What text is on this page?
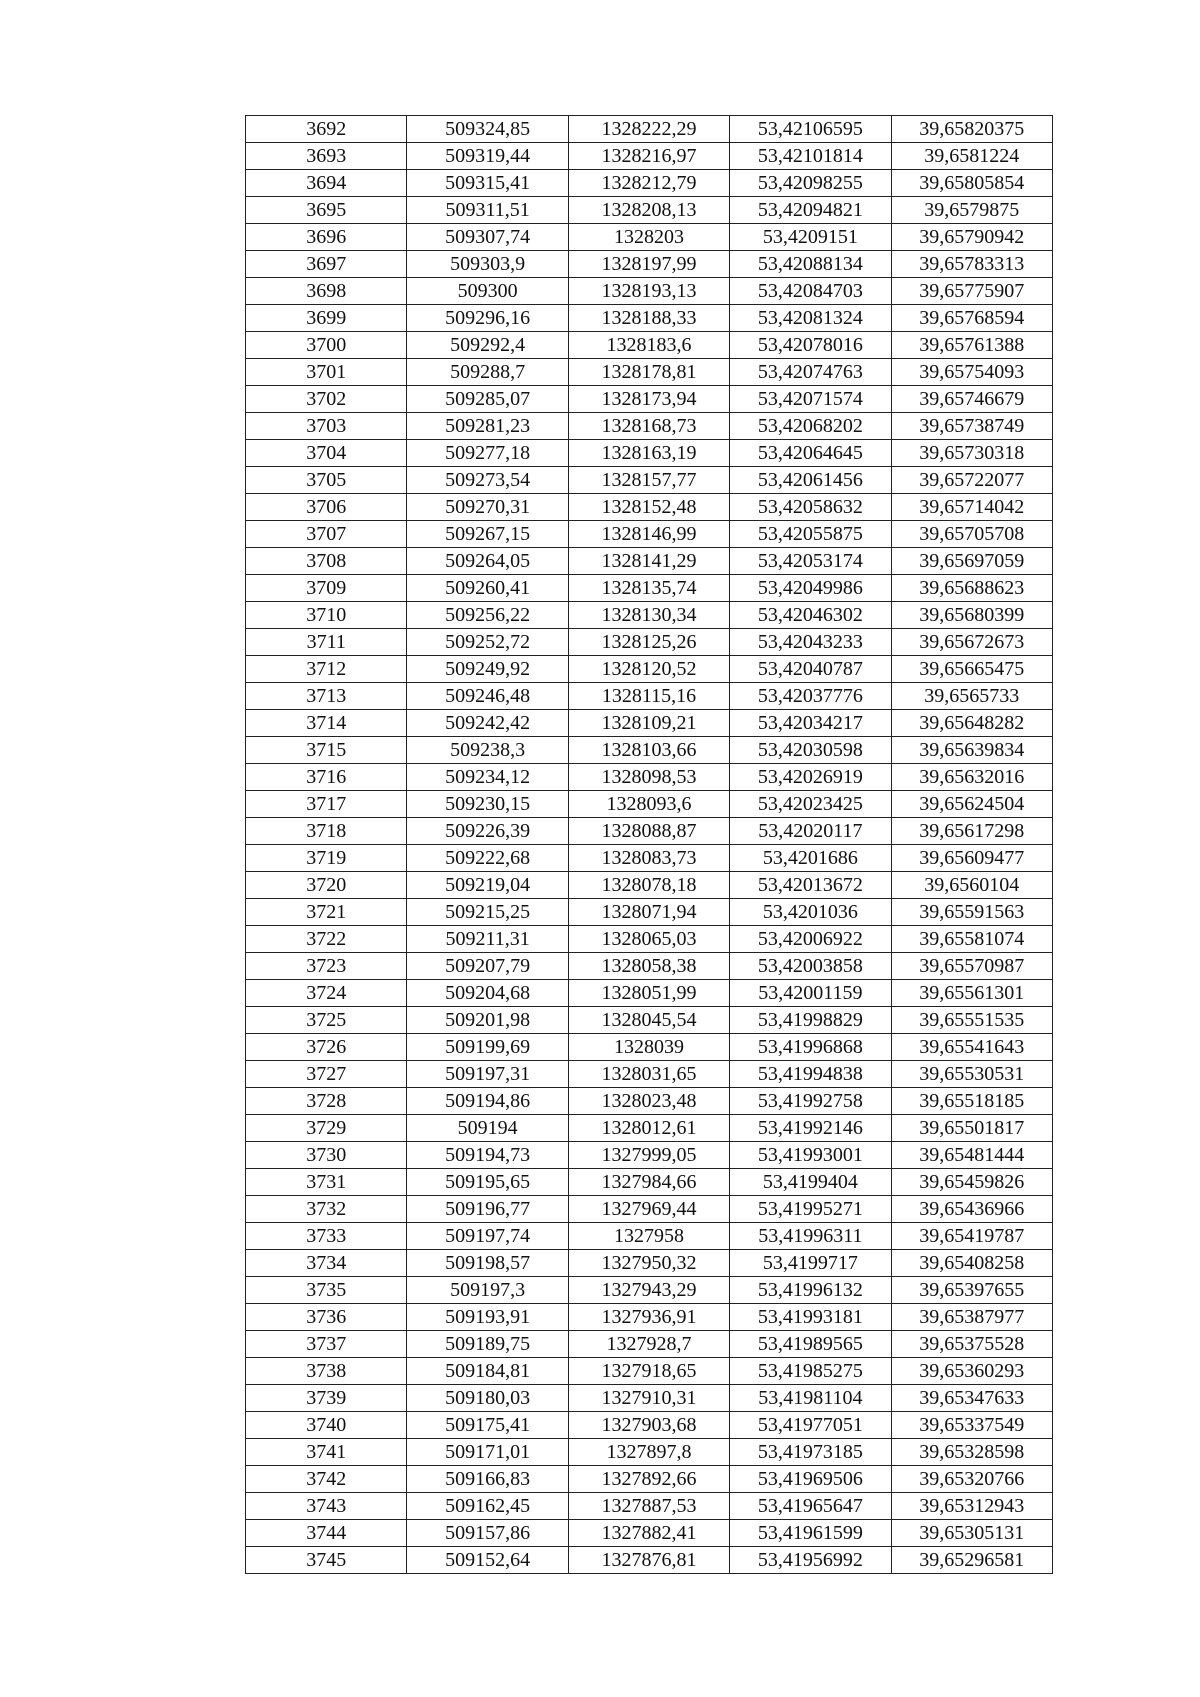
3692	509324,85	1328222,29	53,42106595	39,65820375
3693	509319,44	1328216,97	53,42101814	39,6581224
3694	509315,41	1328212,79	53,42098255	39,65805854
3695	509311,51	1328208,13	53,42094821	39,6579875
3696	509307,74	1328203	53,4209151	39,65790942
3697	509303,9	1328197,99	53,42088134	39,65783313
3698	509300	1328193,13	53,42084703	39,65775907
3699	509296,16	1328188,33	53,42081324	39,65768594
3700	509292,4	1328183,6	53,42078016	39,65761388
3701	509288,7	1328178,81	53,42074763	39,65754093
3702	509285,07	1328173,94	53,42071574	39,65746679
3703	509281,23	1328168,73	53,42068202	39,65738749
3704	509277,18	1328163,19	53,42064645	39,65730318
3705	509273,54	1328157,77	53,42061456	39,65722077
3706	509270,31	1328152,48	53,42058632	39,65714042
3707	509267,15	1328146,99	53,42055875	39,65705708
3708	509264,05	1328141,29	53,42053174	39,65697059
3709	509260,41	1328135,74	53,42049986	39,65688623
3710	509256,22	1328130,34	53,42046302	39,65680399
3711	509252,72	1328125,26	53,42043233	39,65672673
3712	509249,92	1328120,52	53,42040787	39,65665475
3713	509246,48	1328115,16	53,42037776	39,6565733
3714	509242,42	1328109,21	53,42034217	39,65648282
3715	509238,3	1328103,66	53,42030598	39,65639834
3716	509234,12	1328098,53	53,42026919	39,65632016
3717	509230,15	1328093,6	53,42023425	39,65624504
3718	509226,39	1328088,87	53,42020117	39,65617298
3719	509222,68	1328083,73	53,4201686	39,65609477
3720	509219,04	1328078,18	53,42013672	39,6560104
3721	509215,25	1328071,94	53,4201036	39,65591563
3722	509211,31	1328065,03	53,42006922	39,65581074
3723	509207,79	1328058,38	53,42003858	39,65570987
3724	509204,68	1328051,99	53,42001159	39,65561301
3725	509201,98	1328045,54	53,41998829	39,65551535
3726	509199,69	1328039	53,41996868	39,65541643
3727	509197,31	1328031,65	53,41994838	39,65530531
3728	509194,86	1328023,48	53,41992758	39,65518185
3729	509194	1328012,61	53,41992146	39,65501817
3730	509194,73	1327999,05	53,41993001	39,65481444
3731	509195,65	1327984,66	53,4199404	39,65459826
3732	509196,77	1327969,44	53,41995271	39,65436966
3733	509197,74	1327958	53,41996311	39,65419787
3734	509198,57	1327950,32	53,4199717	39,65408258
3735	509197,3	1327943,29	53,41996132	39,65397655
3736	509193,91	1327936,91	53,41993181	39,65387977
3737	509189,75	1327928,7	53,41989565	39,65375528
3738	509184,81	1327918,65	53,41985275	39,65360293
3739	509180,03	1327910,31	53,41981104	39,65347633
3740	509175,41	1327903,68	53,41977051	39,65337549
3741	509171,01	1327897,8	53,41973185	39,65328598
3742	509166,83	1327892,66	53,41969506	39,65320766
3743	509162,45	1327887,53	53,41965647	39,65312943
3744	509157,86	1327882,41	53,41961599	39,65305131
3745	509152,64	1327876,81	53,41956992	39,65296581
